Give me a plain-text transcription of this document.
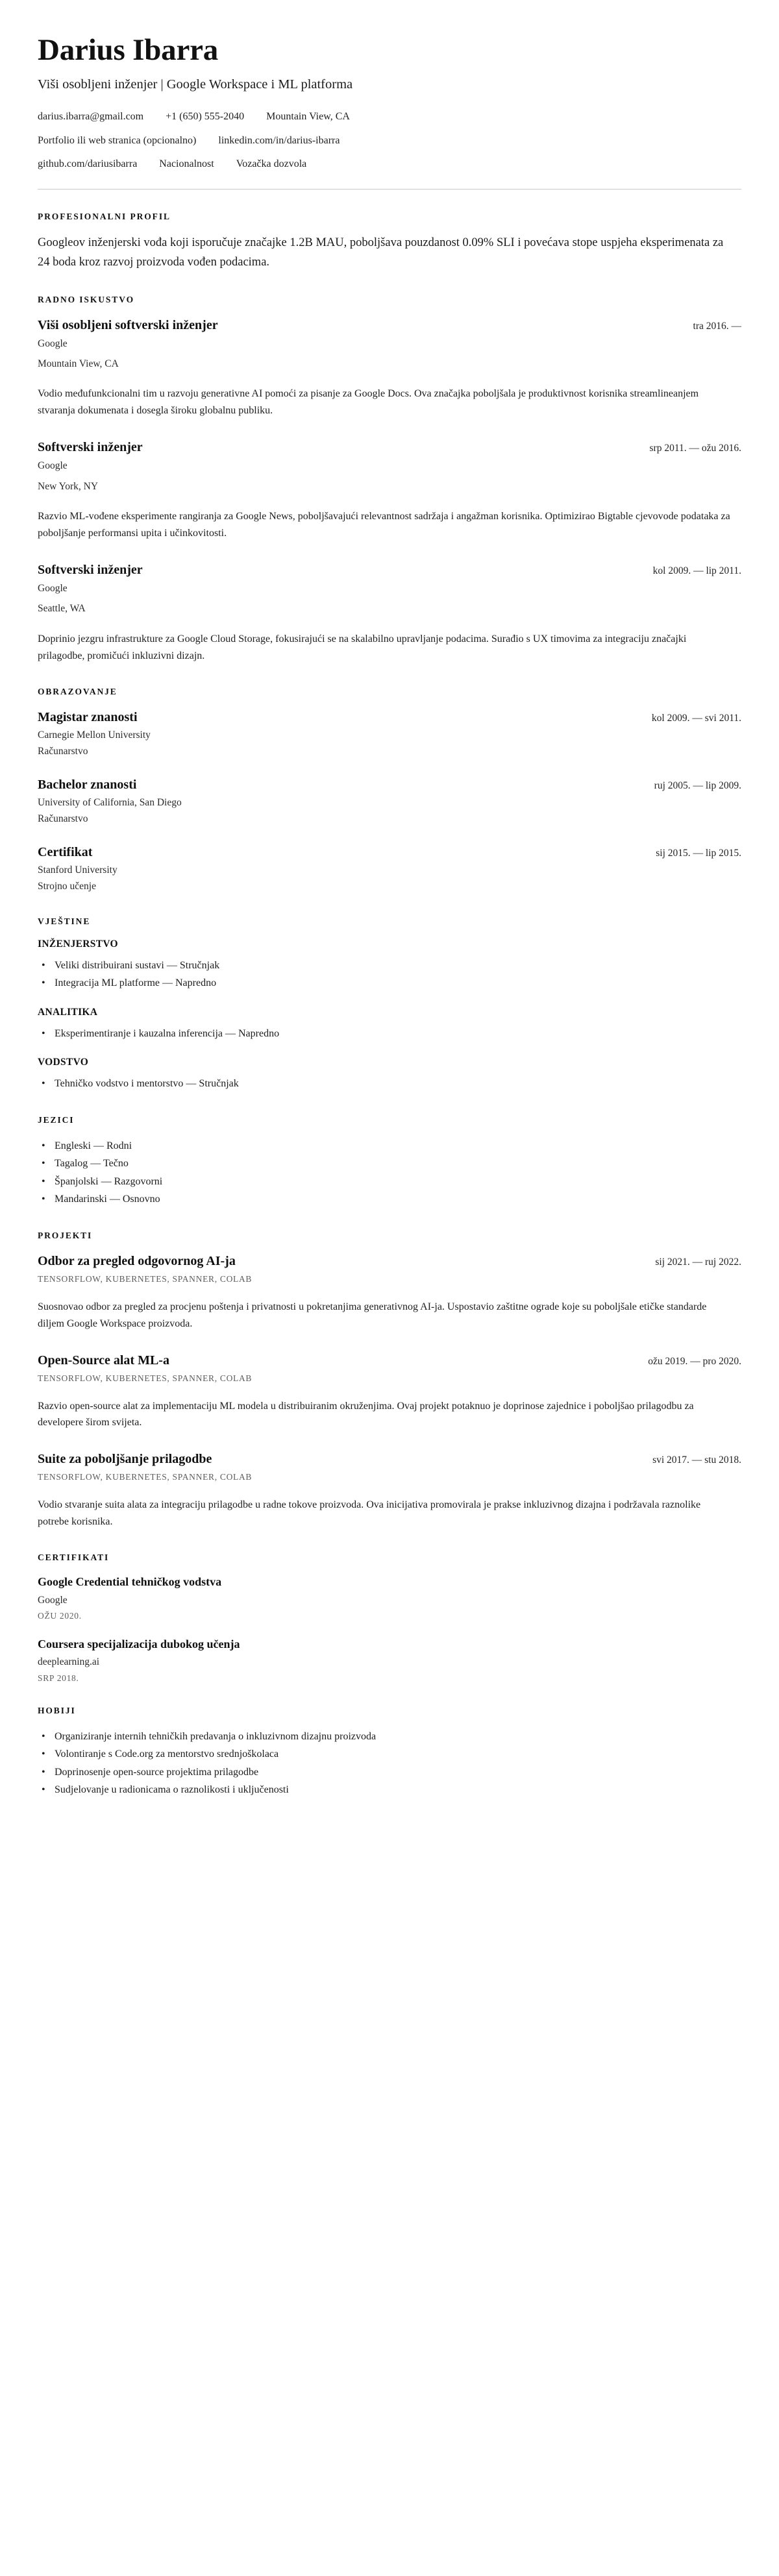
Darius Ibarra
Viši osobljeni inženjer | Google Workspace i ML platforma
darius.ibarra@gmail.com +1 (650) 555-2040 Mountain View, CA
Portfolio ili web stranica (opcionalno) linkedin.com/in/darius-ibarra
github.com/dariusibarra Nacionalnost Vozačka dozvola
PROFESIONALNI PROFIL

Googleov inženjerski vođa koji isporučuje značajke 1.2B MAU, poboljšava pouzdanost 0.09% SLI i povećava stope uspjeha eksperimenata za 24 boda kroz razvoj proizvoda vođen podacima.

RADNO ISKUSTVO
Viši osobljeni softverski inženjer	tra 2016. —
Google
Mountain View, CA

Vodio međufunkcionalni tim u razvoju generativne AI pomoći za pisanje za Google Docs. Ova značajka poboljšala je produktivnost korisnika streamlineanjem stvaranja dokumenata i dosegla široku globalnu publiku.

Softverski inženjer	srp 2011. — ožu 2016.
Google
New York, NY

Razvio ML-vođene eksperimente rangiranja za Google News, poboljšavajući relevantnost sadržaja i angažman korisnika. Optimizirao Bigtable cjevovode podataka za poboljšanje performansi upita i učinkovitosti.

Softverski inženjer	kol 2009. — lip 2011.
Google
Seattle, WA

Doprinio jezgru infrastrukture za Google Cloud Storage, fokusirajući se na skalabilno upravljanje podacima. Surađio s UX timovima za integraciju značajki prilagodbe, promičući inkluzivni dizajn.

OBRAZOVANJE
Magistar znanosti	kol 2009. — svi 2011.
Carnegie Mellon University
Računarstvo
Bachelor znanosti	ruj 2005. — lip 2009.
University of California, San Diego
Računarstvo
Certifikat	sij 2015. — lip 2015.
Stanford University
Strojno učenje
VJEŠTINE
INŽENJERSTVO
• Veliki distribuirani sustavi — Stručnjak
• Integracija ML platforme — Napredno
ANALITIKA
• Eksperimentiranje i kauzalna inferencija — Napredno
VODSTVO
• Tehničko vodstvo i mentorstvo — Stručnjak
JEZICI
• Engleski — Rodni
• Tagalog — Tečno
• Španjolski — Razgovorni
• Mandarinski — Osnovno
PROJEKTI
Odbor za pregled odgovornog AI-ja	sij 2021. — ruj 2022.
TENSORFLOW, KUBERNETES, SPANNER, COLAB

Suosnovao odbor za pregled za procjenu poštenja i privatnosti u pokretanjima generativnog AI-ja. Uspostavio zaštitne ograde koje su poboljšale etičke standarde diljem Google Workspace proizvoda.

Open-Source alat ML-a	ožu 2019. — pro 2020.
TENSORFLOW, KUBERNETES, SPANNER, COLAB

Razvio open-source alat za implementaciju ML modela u distribuiranim okruženjima. Ovaj projekt potaknuo je doprinose zajednice i poboljšao prilagodbu za developere širom svijeta.

Suite za poboljšanje prilagodbe	svi 2017. — stu 2018.
TENSORFLOW, KUBERNETES, SPANNER, COLAB

Vodio stvaranje suita alata za integraciju prilagodbe u radne tokove proizvoda. Ova inicijativa promovirala je prakse inkluzivnog dizajna i podržavala raznolike potrebe korisnika.

CERTIFIKATI
Google Credential tehničkog vodstva
Google
OŽU 2020.
Coursera specijalizacija dubokog učenja
deeplearning.ai
SRP 2018.
HOBIJI
• Organiziranje internih tehničkih predavanja o inkluzivnom dizajnu proizvoda
• Volontiranje s Code.org za mentorstvo srednjoškolaca
• Doprinosenje open-source projektima prilagodbe
• Sudjelovanje u radionicama o raznolikosti i uključenosti
